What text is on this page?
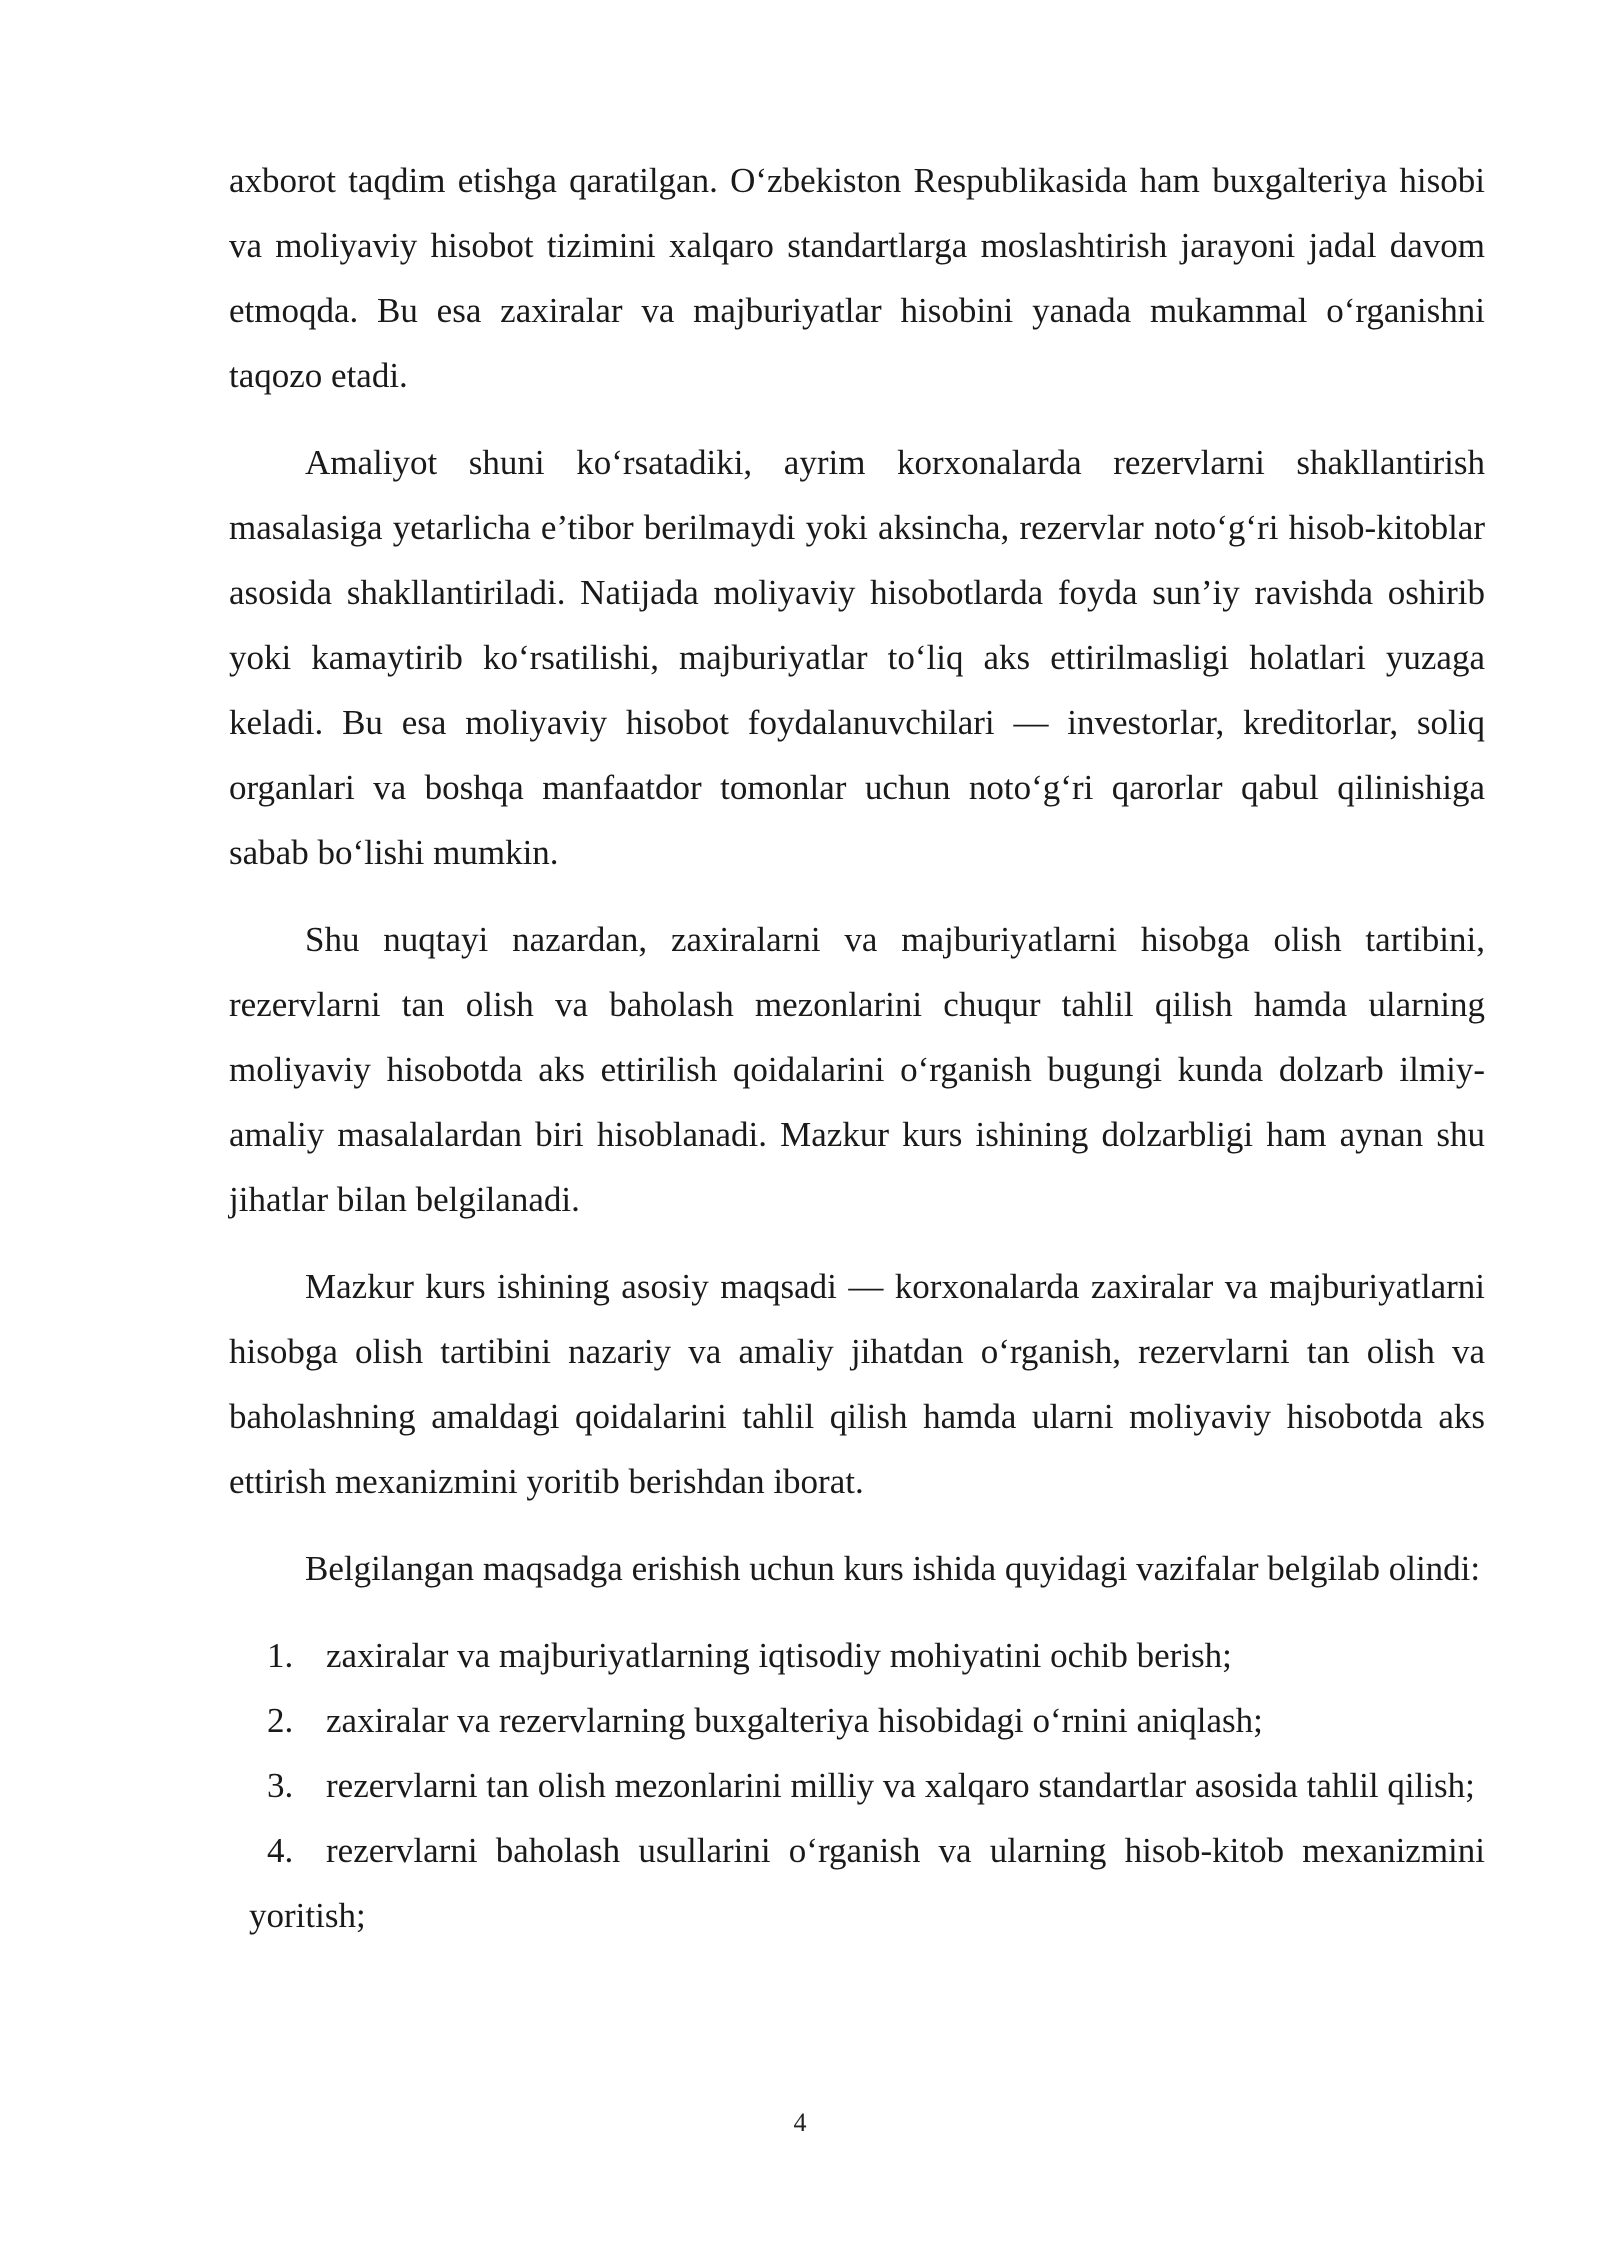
axborot taqdim etishga qaratilgan. O‘zbekiston Respublikasida ham buxgalteriya hisobi va moliyaviy hisobot tizimini xalqaro standartlarga moslashtirish jarayoni jadal davom etmoqda. Bu esa zaxiralar va majburiyatlar hisobini yanada mukammal o‘rganishni taqozo etadi.

Amaliyot shuni ko‘rsatadiki, ayrim korxonalarda rezervlarni shakllantirish masalasiga yetarlicha e’tibor berilmaydi yoki aksincha, rezervlar noto‘g‘ri hisob-kitoblar asosida shakllantiriladi. Natijada moliyaviy hisobotlarda foyda sun’iy ravishda oshirib yoki kamaytirib ko‘rsatilishi, majburiyatlar to‘liq aks ettirilmasligi holatlari yuzaga keladi. Bu esa moliyaviy hisobot foydalanuvchilari — investorlar, kreditorlar, soliq organlari va boshqa manfaatdor tomonlar uchun noto‘g‘ri qarorlar qabul qilinishiga sabab bo‘lishi mumkin.

Shu nuqtayi nazardan, zaxiralarni va majburiyatlarni hisobga olish tartibini, rezervlarni tan olish va baholash mezonlarini chuqur tahlil qilish hamda ularning moliyaviy hisobotda aks ettirilish qoidalarini o‘rganish bugungi kunda dolzarb ilmiy-amaliy masalalardan biri hisoblanadi. Mazkur kurs ishining dolzarbligi ham aynan shu jihatlar bilan belgilanadi.

Mazkur kurs ishining asosiy maqsadi — korxonalarda zaxiralar va majburiyatlarni hisobga olish tartibini nazariy va amaliy jihatdan o‘rganish, rezervlarni tan olish va baholashning amaldagi qoidalarini tahlil qilish hamda ularni moliyaviy hisobotda aks ettirish mexanizmini yoritib berishdan iborat.

Belgilangan maqsadga erishish uchun kurs ishida quyidagi vazifalar belgilab olindi:

1. zaxiralar va majburiyatlarning iqtisodiy mohiyatini ochib berish;
2. zaxiralar va rezervlarning buxgalteriya hisobidagi o‘rnini aniqlash;
3. rezervlarni tan olish mezonlarini milliy va xalqaro standartlar asosida tahlil qilish;
4. rezervlarni baholash usullarini o‘rganish va ularning hisob-kitob mexanizmini yoritish;
4
